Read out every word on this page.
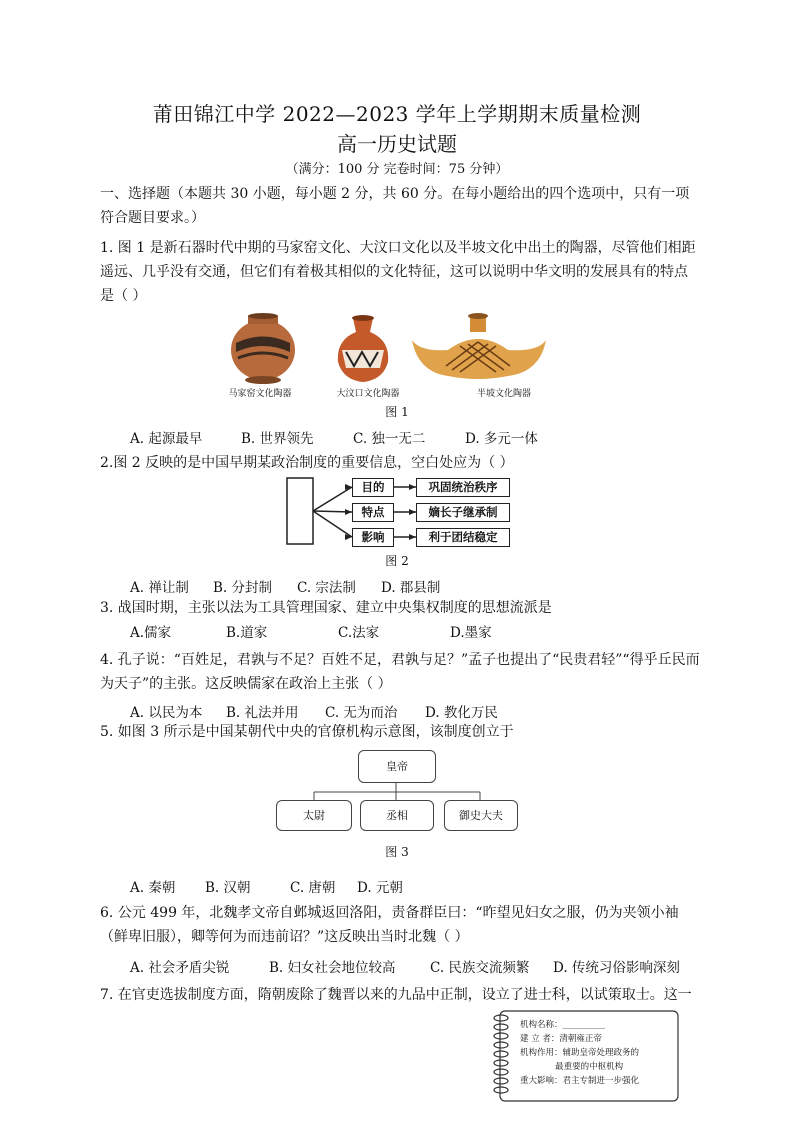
莆田锦江中学 2022—2023 学年上学期期末质量检测
高一历史试题
（满分：100 分 完卷时间：75 分钟）
一、选择题（本题共 30 小题，每小题 2 分，共 60 分。在每小题给出的四个选项中，只有一项符合题目要求。）
1. 图 1 是新石器时代中期的马家窑文化、大汶口文化以及半坡文化中出土的陶器，尽管他们相距遥远、几乎没有交通，但它们有着极其相似的文化特征，这可以说明中华文明的发展具有的特点是（ ）
马家窑文化陶器	大汶口文化陶器	半坡文化陶器
图 1
A. 起源最早	B. 世界领先	C. 独一无二	D. 多元一体
2.图 2 反映的是中国早期某政治制度的重要信息，空白处应为（ ）
目的
特点
影响
巩固统治秩序
嫡长子继承制
利于团结稳定
图 2
A. 禅让制 B. 分封制 C. 宗法制 D. 郡县制
3. 战国时期，主张以法为工具管理国家、建立中央集权制度的思想流派是
A.儒家	B.道家	C.法家	D.墨家
4. 孔子说：“百姓足，君孰与不足？百姓不足，君孰与足？”孟子也提出了“民贵君轻”“得乎丘民而为天子”的主张。这反映儒家在政治上主张（ ）
A. 以民为本 B. 礼法并用 C. 无为而治 D. 教化万民
5. 如图 3 所示是中国某朝代中央的官僚机构示意图，该制度创立于
皇帝
太尉	丞相	御史大夫
图 3
A. 秦朝 B. 汉朝	C. 唐朝 D. 元朝
6. 公元 499 年，北魏孝文帝自邺城返回洛阳，责备群臣曰：“昨望见妇女之服，仍为夹领小袖（鲜卑旧服），卿等何为而违前诏？”这反映出当时北魏（ ）
A. 社会矛盾尖锐	B. 妇女社会地位较高	C. 民族交流频繁 D. 传统习俗影响深刻
7. 在官吏选拔制度方面，隋朝废除了魏晋以来的九品中正制，设立了进士科，以试策取士。这一
机构名称：__________
建 立 者：清朝雍正帝
机构作用：辅助皇帝处理政务的
最重要的中枢机构
重大影响：君主专制进一步强化
